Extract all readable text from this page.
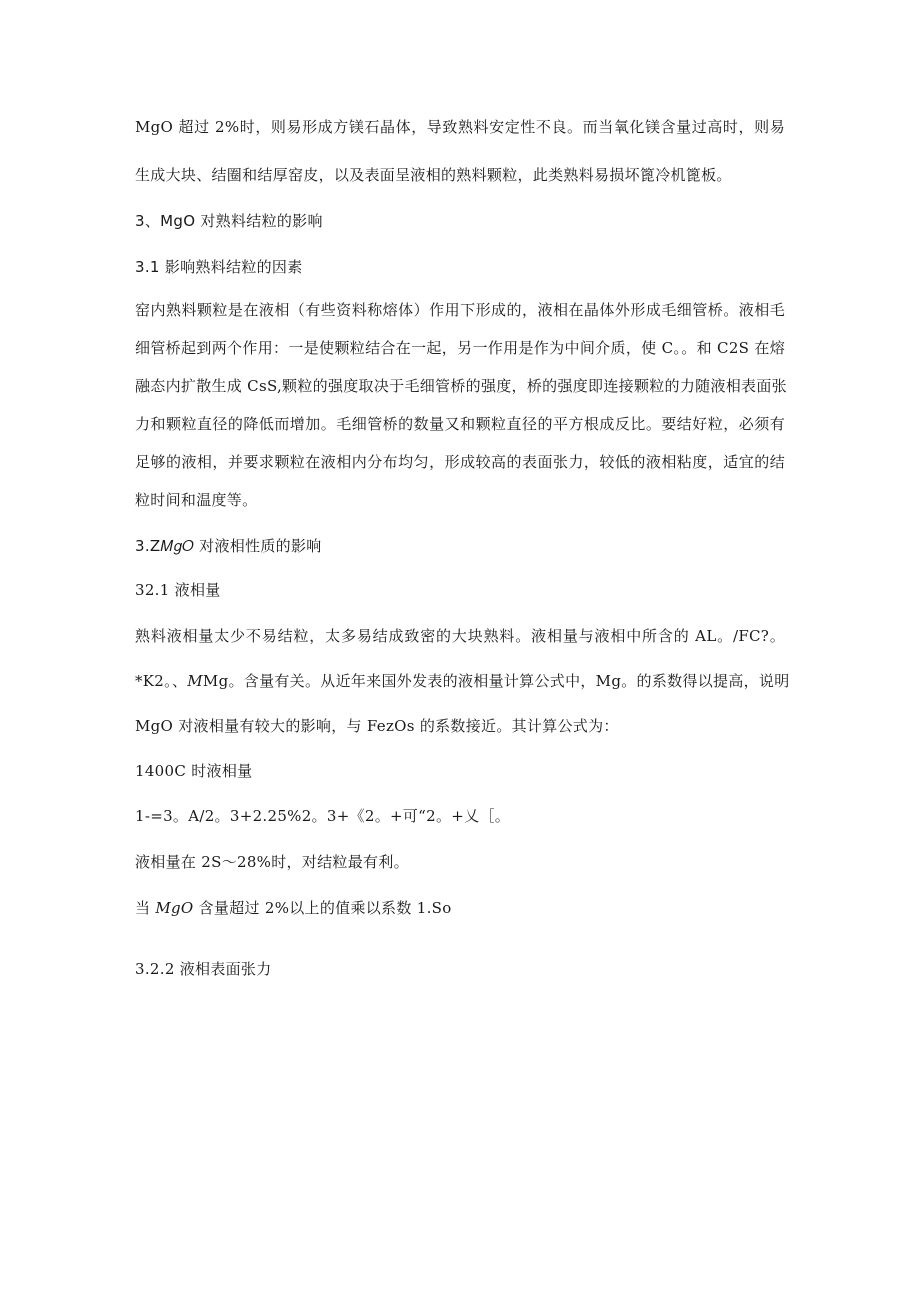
MgO 超过 2%时，则易形成方镁石晶体，导致熟料安定性不良。而当氧化镁含量过高时，则易
生成大块、结圈和结厚窑皮，以及表面呈液相的熟料颗粒，此类熟料易损坏篦冷机篦板。
3、MgO 对熟料结粒的影响
3.1 影响熟料结粒的因素
窑内熟料颗粒是在液相（有些资料称熔体）作用下形成的，液相在晶体外形成毛细管桥。液相毛
细管桥起到两个作用：一是使颗粒结合在一起，另一作用是作为中间介质，使 C。。和 C2S 在熔
融态内扩散生成 CsS,颗粒的强度取决于毛细管桥的强度，桥的强度即连接颗粒的力随液相表面张
力和颗粒直径的降低而增加。毛细管桥的数量又和颗粒直径的平方根成反比。要结好粒，必须有
足够的液相，并要求颗粒在液相内分布均匀，形成较高的表面张力，较低的液相粘度，适宜的结
粒时间和温度等。
3.Z𝑀𝑔𝑂 对液相性质的影响
32.1 液相量
熟料液相量太少不易结粒，太多易结成致密的大块熟料。液相量与液相中所含的 AL。/FC?。
*K2。、𝑀Mg。含量有关。从近年来国外发表的液相量计算公式中，Mg。的系数得以提高，说明
MgO 对液相量有较大的影响，与 FezOs 的系数接近。其计算公式为：
1400C 时液相量
1-=3。A/2。3+2.25%2。3+《2。+可“2。+乂［。
液相量在 2S〜28%时，对结粒最有利。
当 𝑀𝑔𝑂 含量超过 2%以上的值乘以系数 1.So
3.2.2 液相表面张力
